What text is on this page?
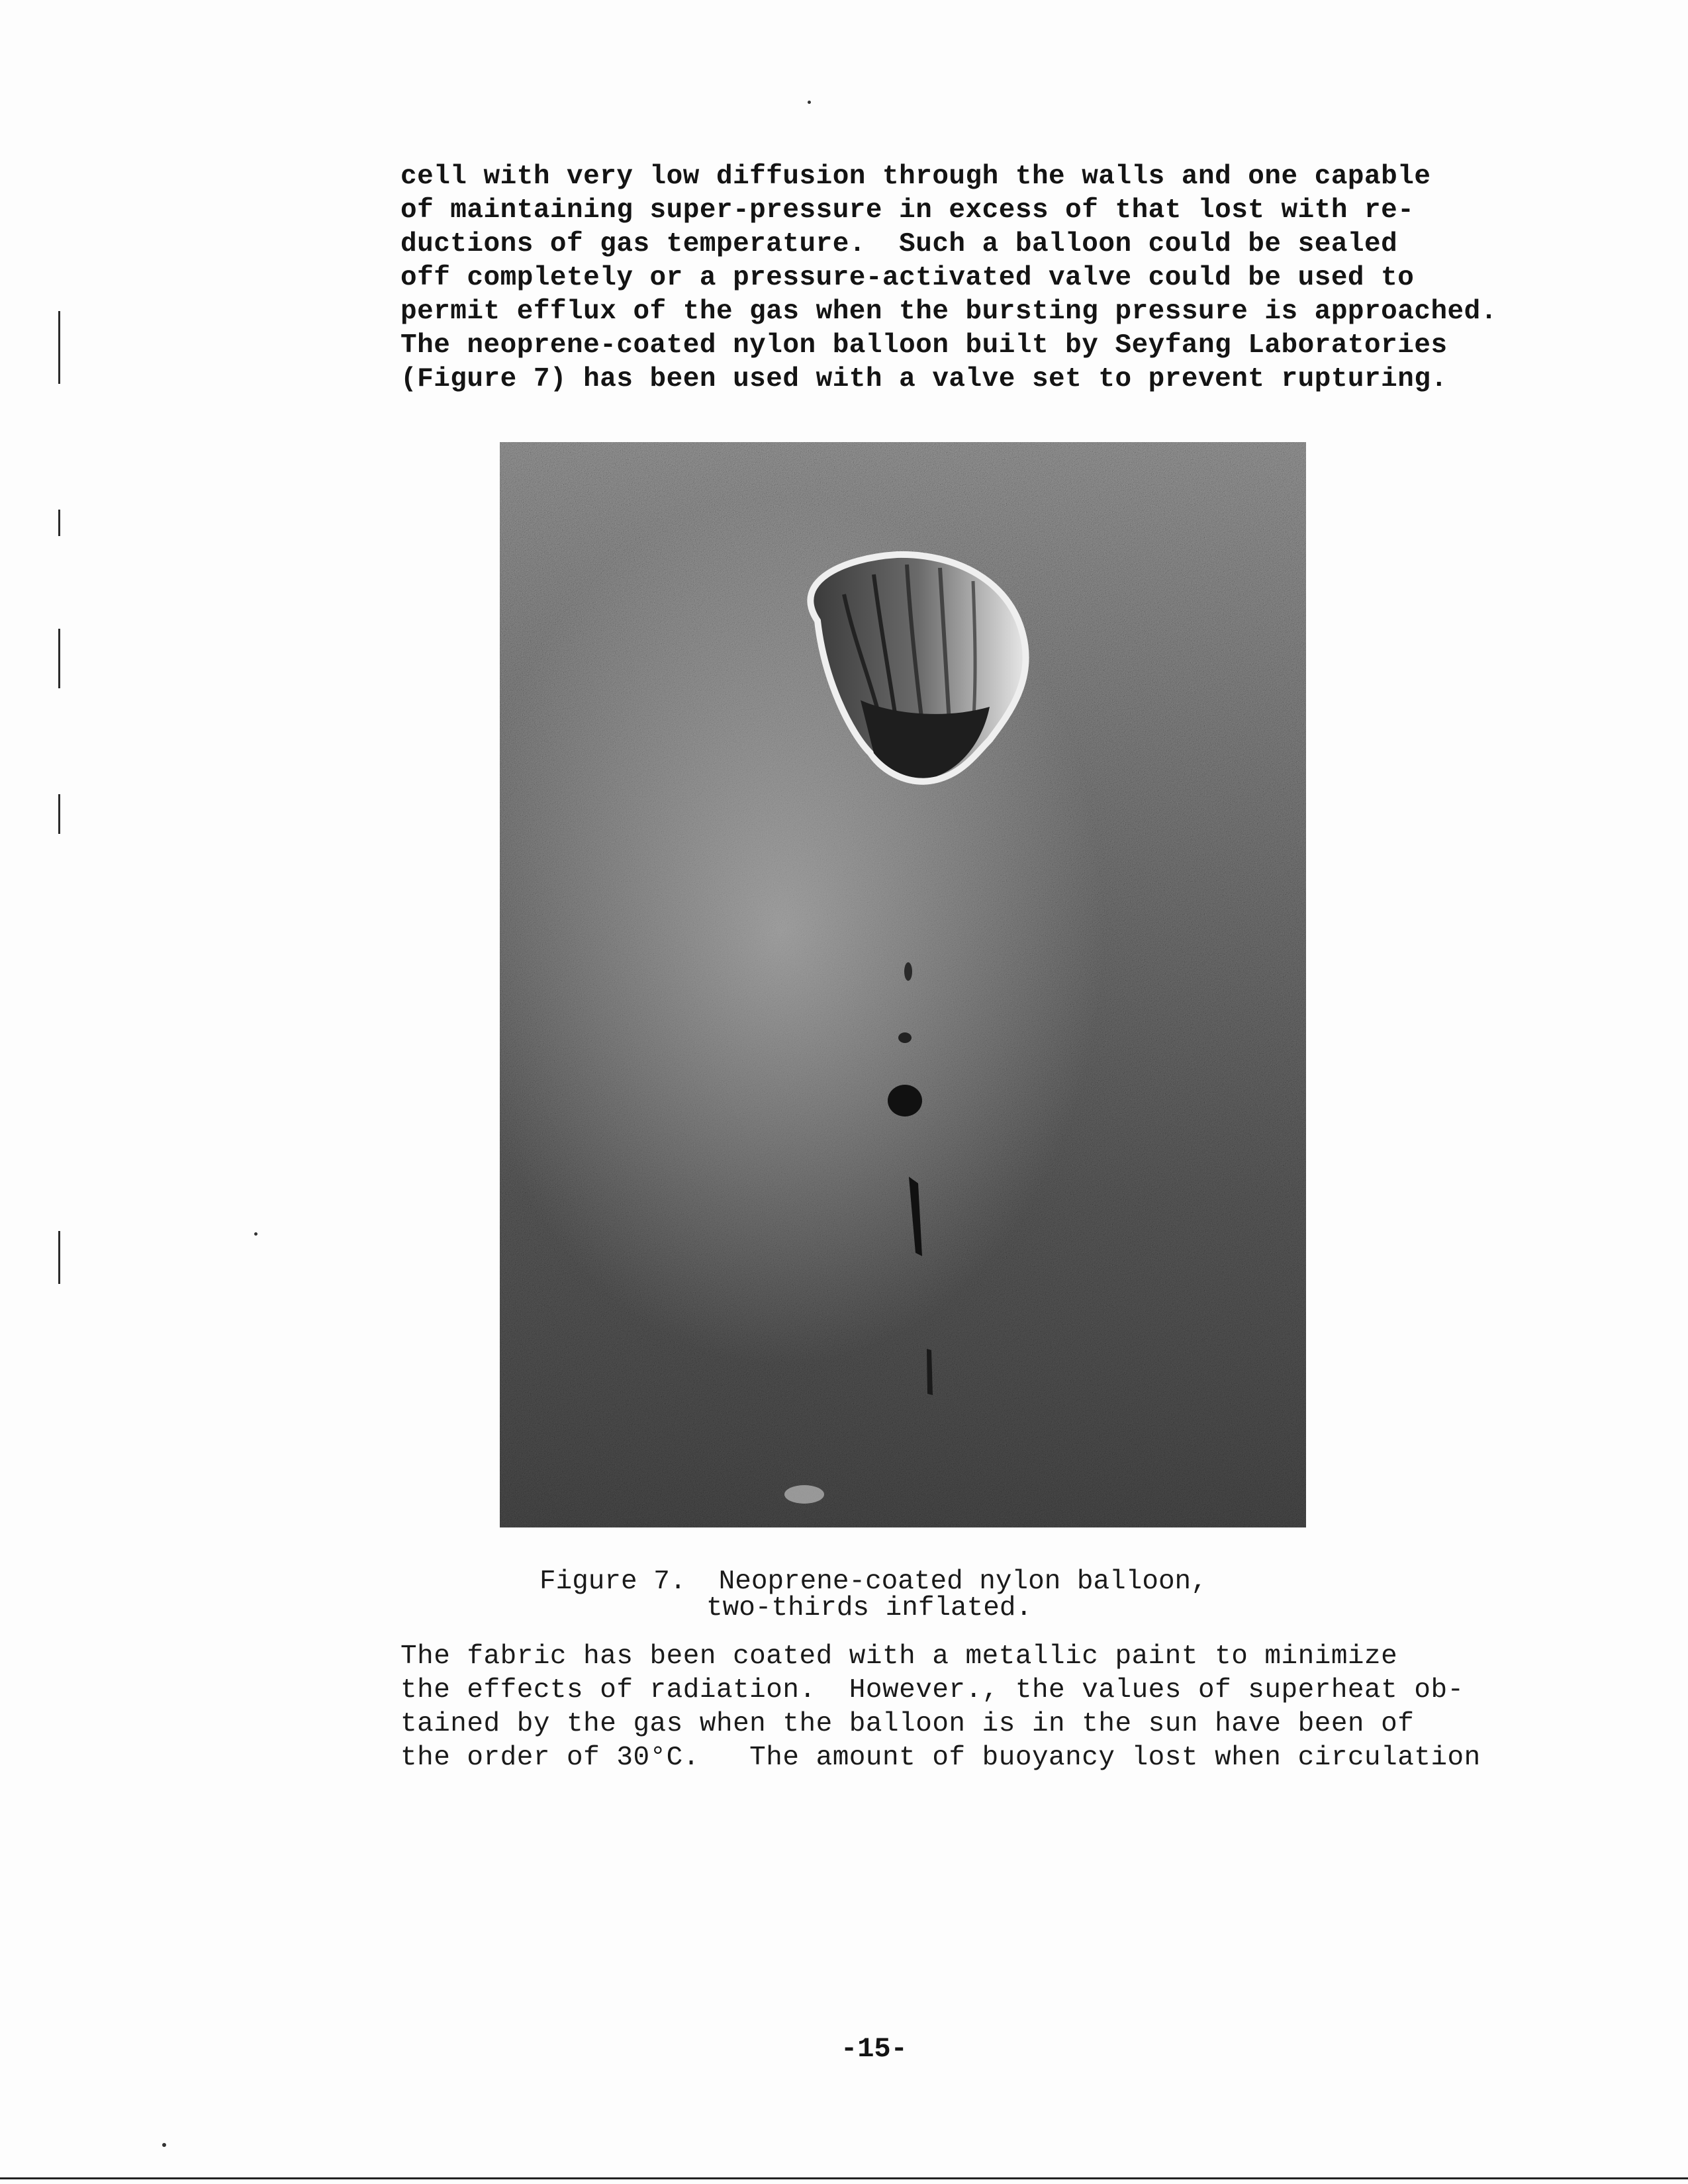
cell with very low diffusion through the walls and one capable
of maintaining super-pressure in excess of that lost with re-
ductions of gas temperature.  Such a balloon could be sealed
off completely or a pressure-activated valve could be used to
permit efflux of the gas when the bursting pressure is approached.
The neoprene-coated nylon balloon built by Seyfang Laboratories
(Figure 7) has been used with a valve set to prevent rupturing.
Figure 7.  Neoprene-coated nylon balloon,
two-thirds inflated.
The fabric has been coated with a metallic paint to minimize
the effects of radiation.  However., the values of superheat ob-
tained by the gas when the balloon is in the sun have been of
the order of 30°C.   The amount of buoyancy lost when circulation
-15-
